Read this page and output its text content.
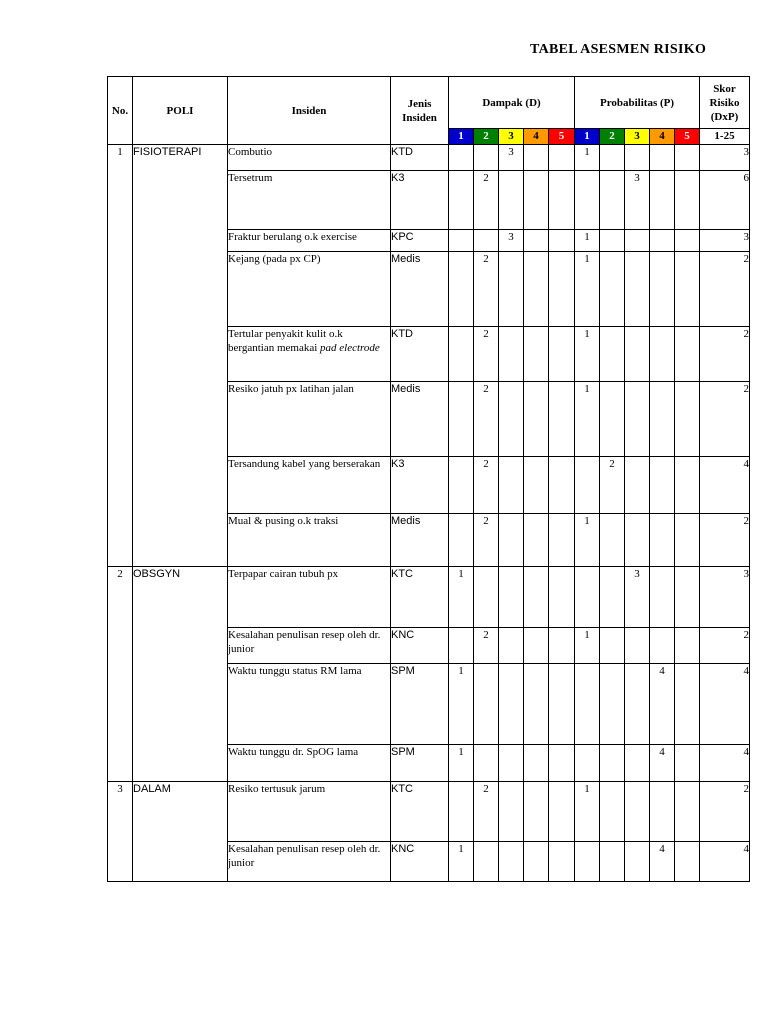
TABEL ASESMEN RISIKO
No.	POLI	Insiden	Jenis
Insiden	Dampak (D)					Probabilitas (P)					Skor
Risiko
(DxP)
				1	2	3	4	5	1	2	3	4	5	1-25
1	FISIOTERAPI	Combutio	KTD			3			1					3
		Tersetrum	K3		2						3			6
		Fraktur berulang o.k exercise	KPC			3			1					3
		Kejang (pada px CP)	Medis		2				1					2
		Tertular penyakit kulit o.k bergantian memakai pad electrode	KTD		2				1					2
		Resiko jatuh px latihan jalan	Medis		2				1					2
		Tersandung kabel yang berserakan	K3		2					2				4
		Mual & pusing o.k traksi	Medis		2				1					2
2	OBSGYN	Terpapar cairan tubuh px	KTC	1							3			3
		Kesalahan penulisan resep oleh dr. junior	KNC		2				1					2
		Waktu tunggu status RM lama	SPM	1								4		4
		Waktu tunggu dr. SpOG lama	SPM	1								4		4
3	DALAM	Resiko tertusuk jarum	KTC		2				1					2
		Kesalahan penulisan resep oleh dr. junior	KNC	1								4		4
